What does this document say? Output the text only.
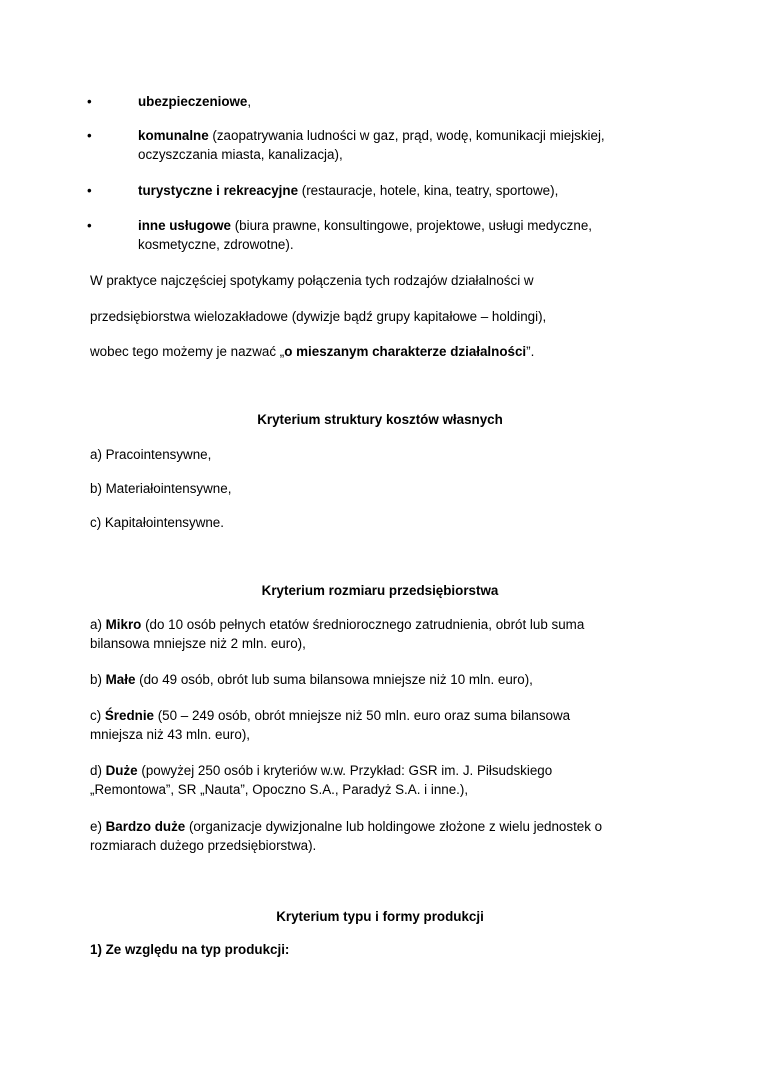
•	ubezpieczeniowe,
•	komunalne (zaopatrywania ludności w gaz, prąd, wodę, komunikacji miejskiej, oczyszczania miasta, kanalizacja),
•	turystyczne i rekreacyjne (restauracje, hotele, kina, teatry, sportowe),
•	inne usługowe (biura prawne, konsultingowe, projektowe, usługi medyczne, kosmetyczne, zdrowotne).
W praktyce najczęściej spotykamy połączenia tych rodzajów działalności w
przedsiębiorstwa wielozakładowe (dywizje bądź grupy kapitałowe – holdingi),
wobec tego możemy je nazwać „o mieszanym charakterze działalności”.
Kryterium struktury kosztów własnych
a) Pracointensywne,
b) Materiałointensywne,
c) Kapitałointensywne.
Kryterium rozmiaru przedsiębiorstwa
a) Mikro (do 10 osób pełnych etatów średniorocznego zatrudnienia, obrót lub suma bilansowa mniejsze niż 2 mln. euro),
b) Małe (do 49 osób, obrót lub suma bilansowa mniejsze niż 10 mln. euro),
c) Średnie (50 – 249 osób, obrót mniejsze niż 50 mln. euro oraz suma bilansowa mniejsza niż 43 mln. euro),
d) Duże (powyżej 250 osób i kryteriów w.w. Przykład: GSR im. J. Piłsudskiego „Remontowa”, SR „Nauta”, Opoczno S.A., Paradyż S.A. i inne.),
e) Bardzo duże (organizacje dywizjonalne lub holdingowe złożone z wielu jednostek o rozmiarach dużego przedsiębiorstwa).
Kryterium typu i formy produkcji
1) Ze względu na typ produkcji:
